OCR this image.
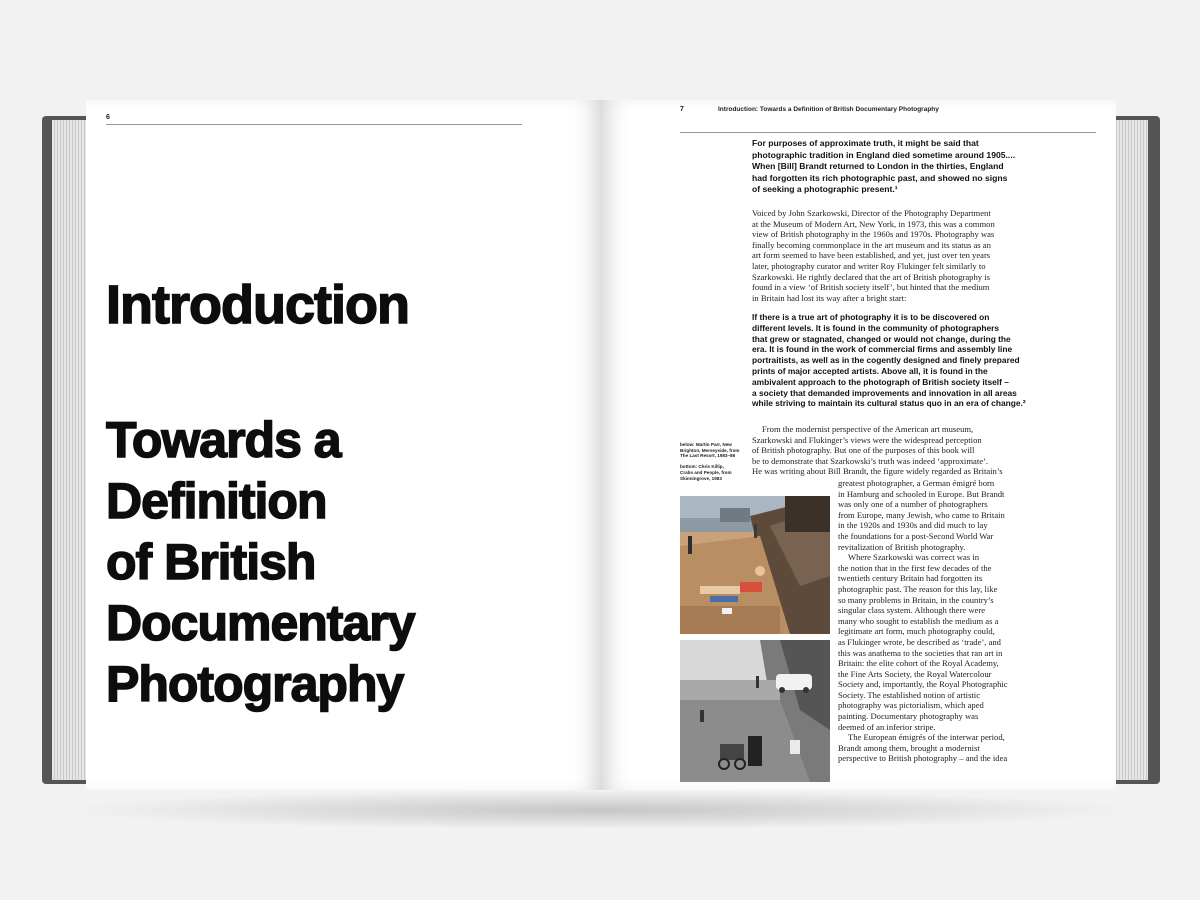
6
Introduction
Towards a
Definition
of British
Documentary
Photography
7	Introduction: Towards a Definition of British Documentary Photography
For purposes of approximate truth, it might be said that
photographic tradition in England died sometime around 1905....
When [Bill] Brandt returned to London in the thirties, England
had forgotten its rich photographic past, and showed no signs
of seeking a photographic present.¹
Voiced by John Szarkowski, Director of the Photography Department
at the Museum of Modern Art, New York, in 1973, this was a common
view of British photography in the 1960s and 1970s. Photography was
finally becoming commonplace in the art museum and its status as an
art form seemed to have been established, and yet, just over ten years
later, photography curator and writer Roy Flukinger felt similarly to
Szarkowski. He rightly declared that the art of British photography is
found in a view ‘of British society itself’, but hinted that the medium
in Britain had lost its way after a bright start:
If there is a true art of photography it is to be discovered on
different levels. It is found in the community of photographers
that grew or stagnated, changed or would not change, during the
era. It is found in the work of commercial firms and assembly line
portraitists, as well as in the cogently designed and finely prepared
prints of major accepted artists. Above all, it is found in the
ambivalent approach to the photograph of British society itself –
a society that demanded improvements and innovation in all areas
while striving to maintain its cultural status quo in an era of change.²
From the modernist perspective of the American art museum,
Szarkowski and Flukinger’s views were the widespread perception
of British photography. But one of the purposes of this book will
be to demonstrate that Szarkowski’s truth was indeed ‘approximate’.
He was writing about Bill Brandt, the figure widely regarded as Britain’s
below: Martin Parr, New
Brighton, Merseyside, from
The Last Resort, 1983–86

bottom: Chris Killip,
Crabs and People, from
Skinningrove, 1983	greatest photographer, a German émigré born
in Hamburg and schooled in Europe. But Brandt
was only one of a number of photographers
from Europe, many Jewish, who came to Britain
in the 1920s and 1930s and did much to lay
the foundations for a post-Second World War
revitalization of British photography.
Where Szarkowski was correct was in
the notion that in the first few decades of the
twentieth century Britain had forgotten its
photographic past. The reason for this lay, like
so many problems in Britain, in the country’s
singular class system. Although there were
many who sought to establish the medium as a
legitimate art form, much photography could,
as Flukinger wrote, be described as ‘trade’, and
this was anathema to the societies that ran art in
Britain: the elite cohort of the Royal Academy,
the Fine Arts Society, the Royal Watercolour
Society and, importantly, the Royal Photographic
Society. The established notion of artistic
photography was pictorialism, which aped
painting. Documentary photography was
deemed of an inferior stripe.
The European émigrés of the interwar period,
Brandt among them, brought a modernist
perspective to British photography – and the idea
